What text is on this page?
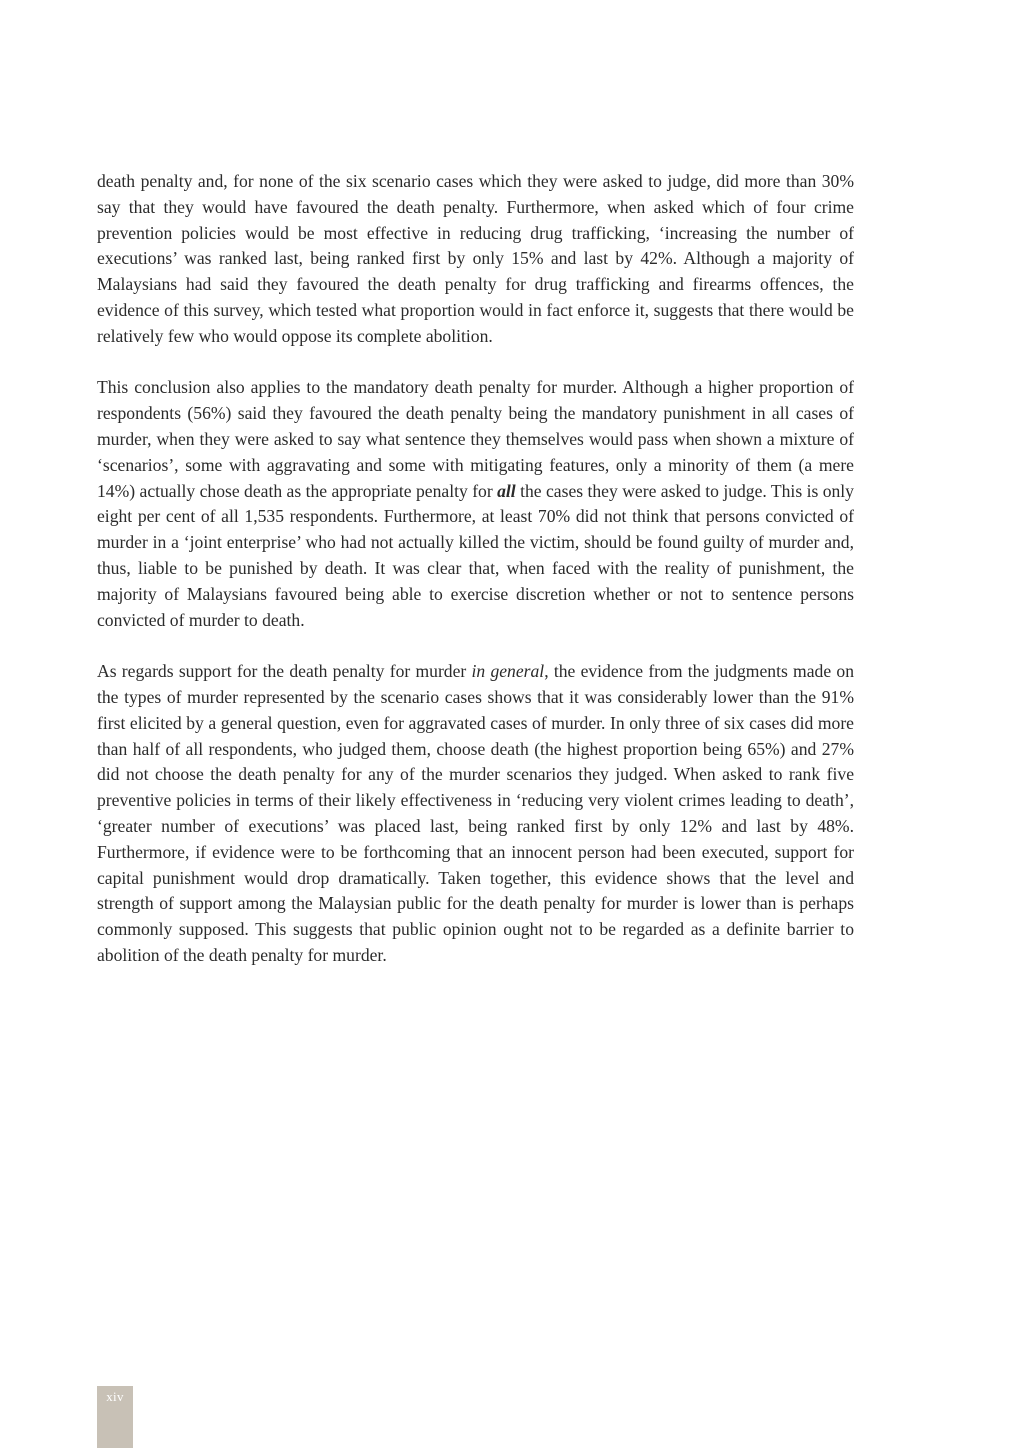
death penalty and, for none of the six scenario cases which they were asked to judge, did more than 30% say that they would have favoured the death penalty. Furthermore, when asked which of four crime prevention policies would be most effective in reducing drug trafficking, ‘increasing the number of executions’ was ranked last, being ranked first by only 15% and last by 42%. Although a majority of Malaysians had said they favoured the death penalty for drug trafficking and firearms offences, the evidence of this survey, which tested what proportion would in fact enforce it, suggests that there would be relatively few who would oppose its complete abolition.

This conclusion also applies to the mandatory death penalty for murder. Although a higher proportion of respondents (56%) said they favoured the death penalty being the mandatory punishment in all cases of murder, when they were asked to say what sentence they themselves would pass when shown a mixture of ‘scenarios’, some with aggravating and some with mitigating features, only a minority of them (a mere 14%) actually chose death as the appropriate penalty for all the cases they were asked to judge. This is only eight per cent of all 1,535 respondents. Furthermore, at least 70% did not think that persons convicted of murder in a ‘joint enterprise’ who had not actually killed the victim, should be found guilty of murder and, thus, liable to be punished by death. It was clear that, when faced with the reality of punishment, the majority of Malaysians favoured being able to exercise discretion whether or not to sentence persons convicted of murder to death.

As regards support for the death penalty for murder in general, the evidence from the judgments made on the types of murder represented by the scenario cases shows that it was considerably lower than the 91% first elicited by a general question, even for aggravated cases of murder. In only three of six cases did more than half of all respondents, who judged them, choose death (the highest proportion being 65%) and 27% did not choose the death penalty for any of the murder scenarios they judged. When asked to rank five preventive policies in terms of their likely effectiveness in ‘reducing very violent crimes leading to death’, ‘greater number of executions’ was placed last, being ranked first by only 12% and last by 48%. Furthermore, if evidence were to be forthcoming that an innocent person had been executed, support for capital punishment would drop dramatically. Taken together, this evidence shows that the level and strength of support among the Malaysian public for the death penalty for murder is lower than is perhaps commonly supposed. This suggests that public opinion ought not to be regarded as a definite barrier to abolition of the death penalty for murder.

xiv
